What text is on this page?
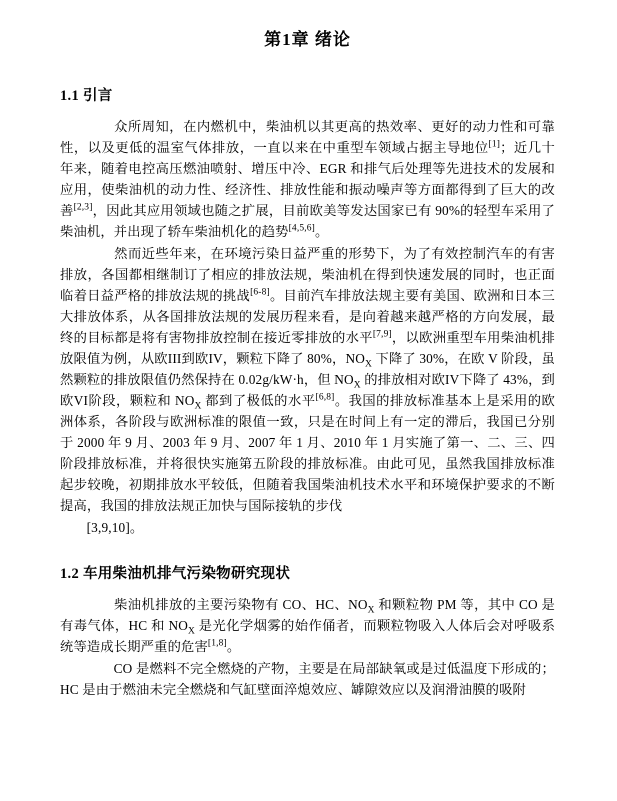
第1章 绪论
1.1 引言

　　众所周知，在内燃机中，柴油机以其更高的热效率、更好的动力性和可靠性，以及更低的温室气体排放，一直以来在中重型车领域占据主导地位[1]；近几十年来，随着电控高压燃油喷射、增压中冷、EGR 和排气后处理等先进技术的发展和应用，使柴油机的动力性、经济性、排放性能和振动噪声等方面都得到了巨大的改善[2,3]，因此其应用领域也随之扩展，目前欧美等发达国家已有 90%的轻型车采用了柴油机，并出现了轿车柴油机化的趋势[4,5,6]。

　　然而近些年来，在环境污染日益严重的形势下，为了有效控制汽车的有害排放，各国都相继制订了相应的排放法规，柴油机在得到快速发展的同时，也正面临着日益严格的排放法规的挑战[6-8]。目前汽车排放法规主要有美国、欧洲和日本三大排放体系，从各国排放法规的发展历程来看，是向着越来越严格的方向发展，最终的目标都是将有害物排放控制在接近零排放的水平[7,9]，以欧洲重型车用柴油机排放限值为例，从欧III到欧IV，颗粒下降了 80%，$NO_X$ 下降了 30%，在欧 V 阶段，虽然颗粒的排放限值仍然保持在 0.02g/kW·h，但 $NO_X$ 的排放相对欧IV下降了 43%，到欧VI阶段，颗粒和 $NO_X$ 都到了极低的水平[6,8]。我国的排放标准基本上是采用的欧洲体系，各阶段与欧洲标准的限值一致，只是在时间上有一定的滞后，我国已分别于 2000 年 9 月、2003 年 9 月、2007 年 1 月、2010 年 1 月实施了第一、二、三、四阶段排放标准，并将很快实施第五阶段的排放标准。由此可见，虽然我国排放标准起步较晚，初期排放水平较低，但随着我国柴油机技术水平和环境保护要求的不断提高，我国的排放法规正加快与国际接轨的步伐

[3,9,10]。

1.2 车用柴油机排气污染物研究现状

　　柴油机排放的主要污染物有 CO、HC、$NO_X$ 和颗粒物 PM 等，其中 CO 是有毒气体，HC 和 $NO_X$ 是光化学烟雾的始作俑者，而颗粒物吸入人体后会对呼吸系统等造成长期严重的危害[1,8]。

　　CO 是燃料不完全燃烧的产物，主要是在局部缺氧或是过低温度下形成的；HC 是由于燃油未完全燃烧和气缸壁面淬熄效应、罅隙效应以及润滑油膜的吸附
